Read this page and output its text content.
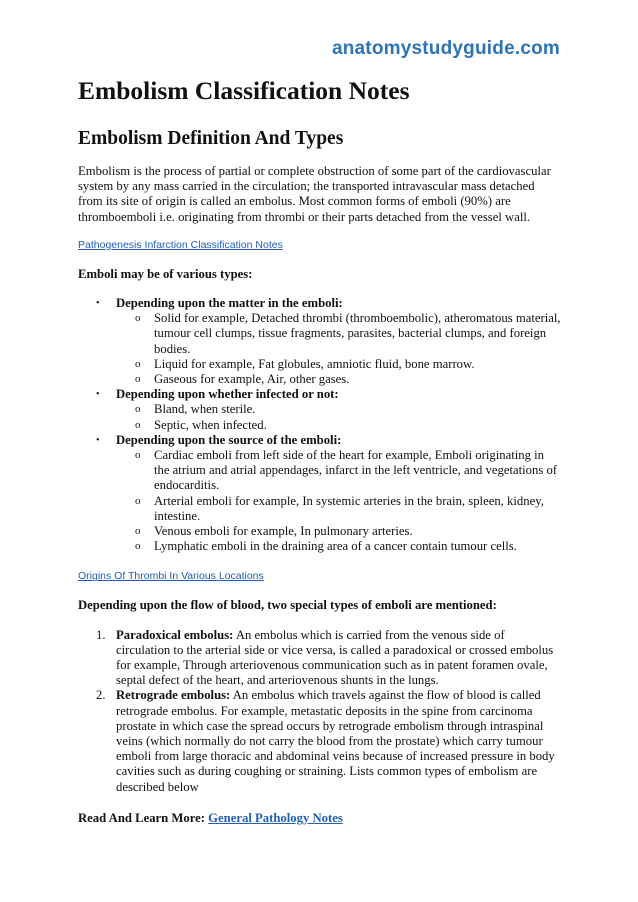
anatomystudyguide.com
Embolism Classification Notes
Embolism Definition And Types

Embolism is the process of partial or complete obstruction of some part of the cardiovascular system by any mass carried in the circulation; the transported intravascular mass detached from its site of origin is called an embolus. Most common forms of emboli (90%) are thromboemboli i.e. originating from thrombi or their parts detached from the vessel wall.

Pathogenesis Infarction Classification Notes

Emboli may be of various types:

• Depending upon the matter in the emboli:
o Solid for example, Detached thrombi (thromboembolic), atheromatous material, tumour cell clumps, tissue fragments, parasites, bacterial clumps, and foreign bodies.
o Liquid for example, Fat globules, amniotic fluid, bone marrow.
o Gaseous for example, Air, other gases.
• Depending upon whether infected or not:
o Bland, when sterile.
o Septic, when infected.
• Depending upon the source of the emboli:
o Cardiac emboli from left side of the heart for example, Emboli originating in the atrium and atrial appendages, infarct in the left ventricle, and vegetations of endocarditis.
o Arterial emboli for example, In systemic arteries in the brain, spleen, kidney, intestine.
o Venous emboli for example, In pulmonary arteries.
o Lymphatic emboli in the draining area of a cancer contain tumour cells.
Origins Of Thrombi In Various Locations

Depending upon the flow of blood, two special types of emboli are mentioned:

1. Paradoxical embolus: An embolus which is carried from the venous side of circulation to the arterial side or vice versa, is called a paradoxical or crossed embolus for example, Through arteriovenous communication such as in patent foramen ovale, septal defect of the heart, and arteriovenous shunts in the lungs.
2. Retrograde embolus: An embolus which travels against the flow of blood is called retrograde embolus. For example, metastatic deposits in the spine from carcinoma prostate in which case the spread occurs by retrograde embolism through intraspinal veins (which normally do not carry the blood from the prostate) which carry tumour emboli from large thoracic and abdominal veins because of increased pressure in body cavities such as during coughing or straining. Lists common types of embolism are described below

Read And Learn More: General Pathology Notes
